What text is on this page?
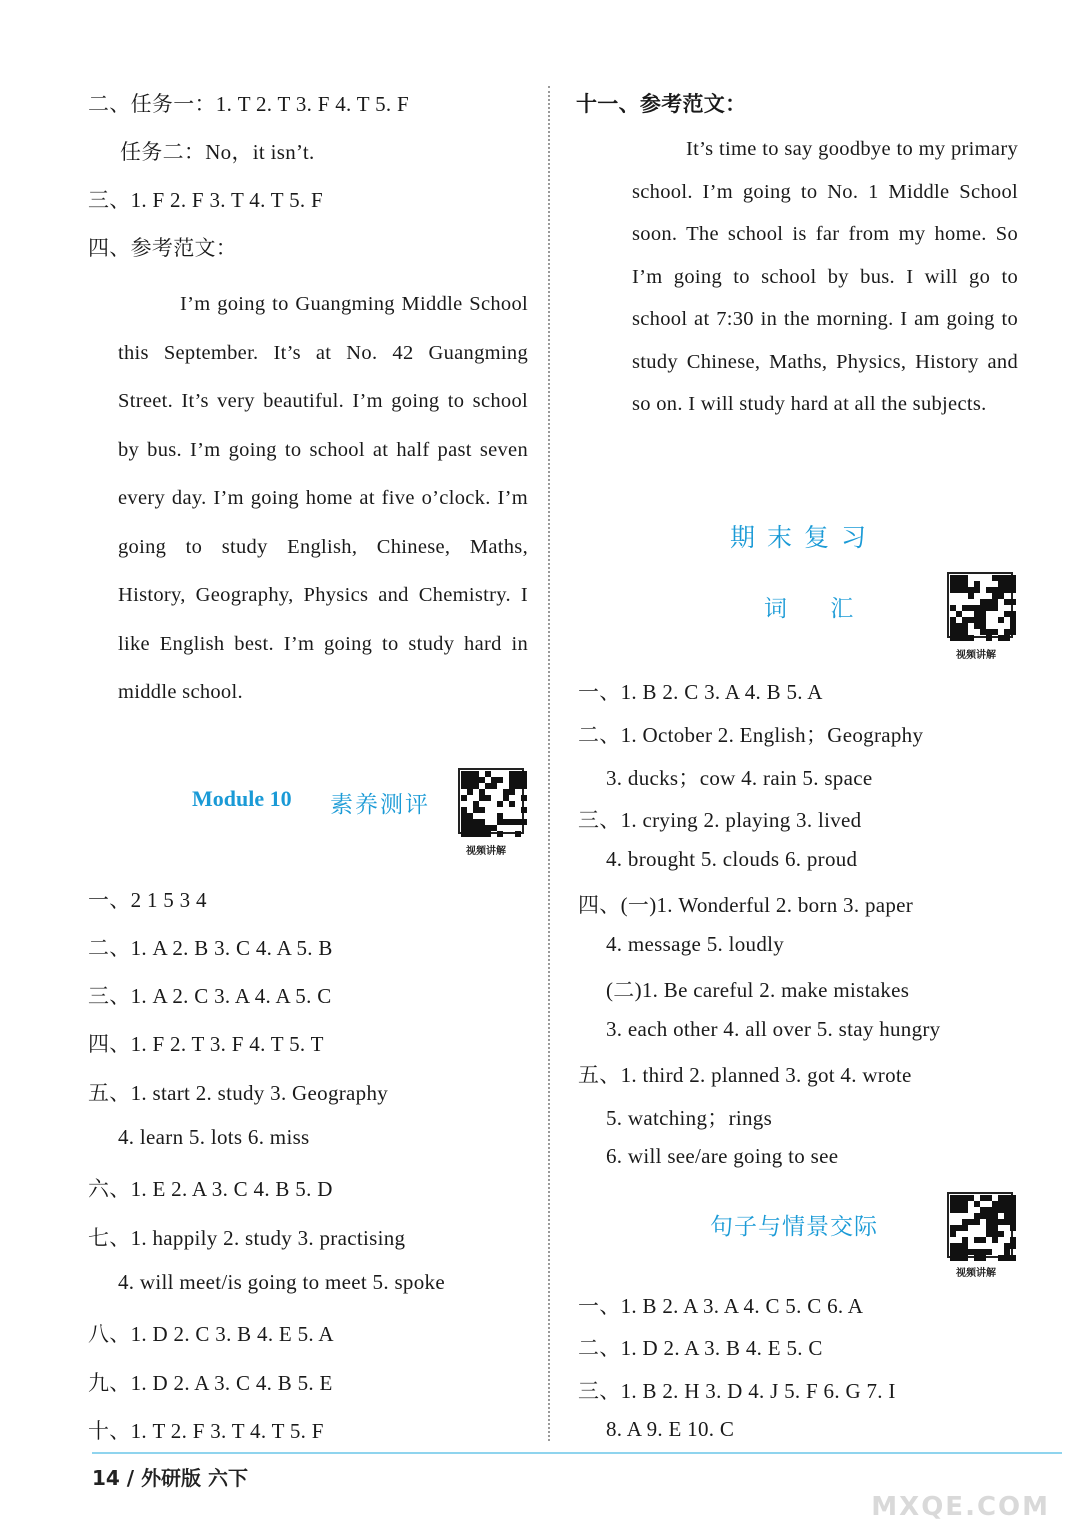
二、任务一：1. T 2. T 3. F 4. T 5. F
任务二：No，it isn’t.
三、1. F 2. F 3. T 4. T 5. F
四、参考范文：
I’m going to Guangming Middle School this September. It’s at No. 42 Guangming Street. It’s very beautiful. I’m going to school by bus. I’m going to school at half past seven every day. I’m going home at five o’clock. I’m going to study English, Chinese, Maths, History, Geography, Physics and Chemistry. I like English best. I’m going to study hard in middle school.
Module 10 素养测评
视频讲解
一、2 1 5 3 4
二、1. A 2. B 3. C 4. A 5. B
三、1. A 2. C 3. A 4. A 5. C
四、1. F 2. T 3. F 4. T 5. T
五、1. start 2. study 3. Geography
4. learn 5. lots 6. miss
六、1. E 2. A 3. C 4. B 5. D
七、1. happily 2. study 3. practising
4. will meet/is going to meet 5. spoke
八、1. D 2. C 3. B 4. E 5. A
九、1. D 2. A 3. C 4. B 5. E
十、1. T 2. F 3. T 4. T 5. F
十一、参考范文：
It’s time to say goodbye to my primary school. I’m going to No. 1 Middle School soon. The school is far from my home. So I’m going to school by bus. I will go to school at 7:30 in the morning. I am going to study Chinese, Maths, Physics, History and so on. I will study hard at all the subjects.
期末复习
词 汇
视频讲解
句子与情景交际
视频讲解
一、1. B 2. C 3. A 4. B 5. A
二、1. October 2. English；Geography
3. ducks；cow 4. rain 5. space
三、1. crying 2. playing 3. lived
4. brought 5. clouds 6. proud
四、(一)1. Wonderful 2. born 3. paper
4. message 5. loudly
(二)1. Be careful 2. make mistakes
3. each other 4. all over 5. stay hungry
五、1. third 2. planned 3. got 4. wrote
5. watching；rings
6. will see/are going to see
一、1. B 2. A 3. A 4. C 5. C 6. A
二、1. D 2. A 3. B 4. E 5. C
三、1. B 2. H 3. D 4. J 5. F 6. G 7. I
8. A 9. E 10. C
14 / 外研版 六下
MXQE.COM
